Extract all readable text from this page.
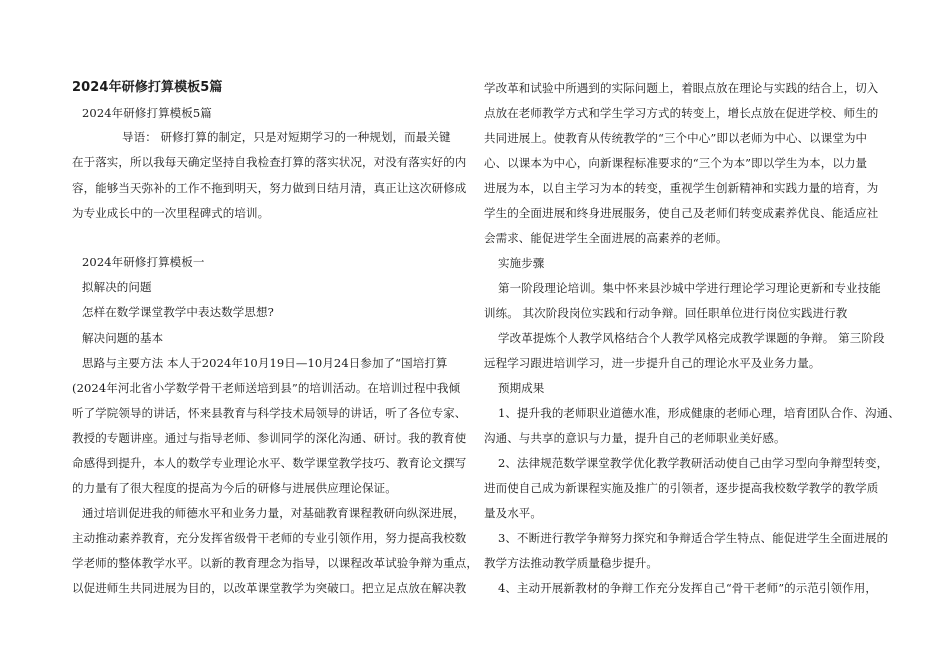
2024年研修打算模板5篇
2024年研修打算模板5篇
导语： 研修打算的制定，只是对短期学习的一种规划，而最关键
在于落实，所以我每天确定坚持自我检查打算的落实状况，对没有落实好的内
容，能够当天弥补的工作不拖到明天，努力做到日结月清，真正让这次研修成
为专业成长中的一次里程碑式的培训。
2024年研修打算模板一
拟解决的问题
怎样在数学课堂教学中表达数学思想?
解决问题的基本
思路与主要方法 本人于2024年10月19日—10月24日参加了“国培打算
(2024年河北省小学数学骨干老师送培到县”的培训活动。在培训过程中我倾
听了学院领导的讲话，怀来县教育与科学技术局领导的讲话，听了各位专家、
教授的专题讲座。通过与指导老师、参训同学的深化沟通、研讨。我的教育使
命感得到提升，本人的数学专业理论水平、数学课堂教学技巧、教育论文撰写
的力量有了很大程度的提高为今后的研修与进展供应理论保证。
通过培训促进我的师德水平和业务力量，对基础教育课程教研向纵深进展，
主动推动素养教育，充分发挥省级骨干老师的专业引领作用，努力提高我校数
学老师的整体教学水平。以新的教育理念为指导，以课程改革试验争辩为重点，
以促进师生共同进展为目的，以改革课堂教学为突破口。把立足点放在解决教
学改革和试验中所遇到的实际问题上，着眼点放在理论与实践的结合上，切入
点放在老师教学方式和学生学习方式的转变上，增长点放在促进学校、师生的
共同进展上。使教育从传统教学的“三个中心”即以老师为中心、以课堂为中
心、以课本为中心，向新课程标准要求的“三个为本”即以学生为本，以力量
进展为本，以自主学习为本的转变，重视学生创新精神和实践力量的培育，为
学生的全面进展和终身进展服务，使自己及老师们转变成素养优良、能适应社
会需求、能促进学生全面进展的高素养的老师。
实施步骤
第一阶段理论培训。集中怀来县沙城中学进行理论学习理论更新和专业技能
训练。 其次阶段岗位实践和行动争辩。回任职单位进行岗位实践进行教
学改革提炼个人教学风格结合个人教学风格完成教学课题的争辩。 第三阶段
远程学习跟进培训学习，进一步提升自己的理论水平及业务力量。
预期成果
1、提升我的老师职业道德水准，形成健康的老师心理，培育团队合作、沟通、
沟通、与共享的意识与力量，提升自己的老师职业美好感。
2、法律规范数学课堂教学优化教学教研活动使自己由学习型向争辩型转变，
进而使自己成为新课程实施及推广的引领者，逐步提高我校数学教学的教学质
量及水平。
3、不断进行教学争辩努力探究和争辩适合学生特点、能促进学生全面进展的
教学方法推动教学质量稳步提升。
4、主动开展新教材的争辩工作充分发挥自己“骨干老师”的示范引领作用，
